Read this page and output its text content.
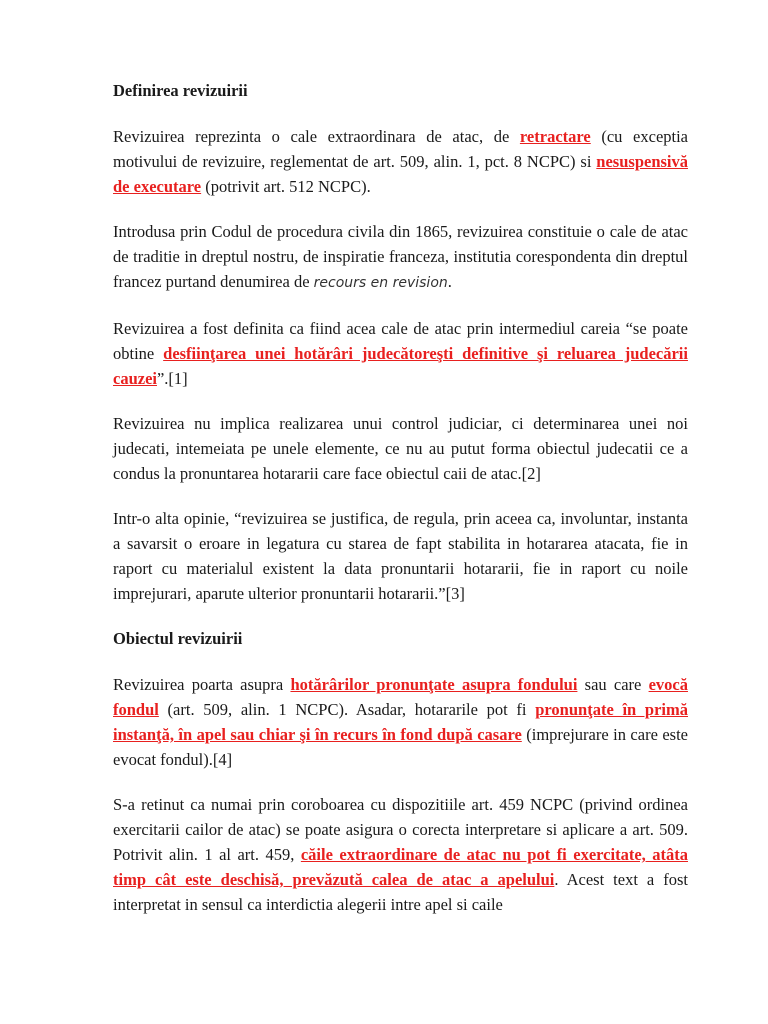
Definirea revizuirii

Revizuirea reprezinta o cale extraordinara de atac, de retractare (cu exceptia motivului de revizuire, reglementat de art. 509, alin. 1, pct. 8 NCPC) si nesuspensivă de executare (potrivit art. 512 NCPC).

Introdusa prin Codul de procedura civila din 1865, revizuirea constituie o cale de atac de traditie in dreptul nostru, de inspiratie franceza, institutia corespondenta din dreptul francez purtand denumirea de recours en revision.

Revizuirea a fost definita ca fiind acea cale de atac prin intermediul careia “se poate obtine desfiinţarea unei hotărâri judecătoreşti definitive şi reluarea judecării cauzei”.[1]

Revizuirea nu implica realizarea unui control judiciar, ci determinarea unei noi judecati, intemeiata pe unele elemente, ce nu au putut forma obiectul judecatii ce a condus la pronuntarea hotararii care face obiectul caii de atac.[2]

Intr-o alta opinie, “revizuirea se justifica, de regula, prin aceea ca, involuntar, instanta a savarsit o eroare in legatura cu starea de fapt stabilita in hotararea atacata, fie in raport cu materialul existent la data pronuntarii hotararii, fie in raport cu noile imprejurari, aparute ulterior pronuntarii hotararii.”[3]

Obiectul revizuirii

Revizuirea poarta asupra hotărârilor pronunţate asupra fondului sau care evocă fondul (art. 509, alin. 1 NCPC). Asadar, hotararile pot fi pronunţate în primă instanţă, în apel sau chiar şi în recurs în fond după casare (imprejurare in care este evocat fondul).[4]

S-a retinut ca numai prin coroboarea cu dispozitiile art. 459 NCPC (privind ordinea exercitarii cailor de atac) se poate asigura o corecta interpretare si aplicare a art. 509. Potrivit alin. 1 al art. 459, căile extraordinare de atac nu pot fi exercitate, atâta timp cât este deschisă, prevăzută calea de atac a apelului. Acest text a fost interpretat in sensul ca interdictia alegerii intre apel si caile
